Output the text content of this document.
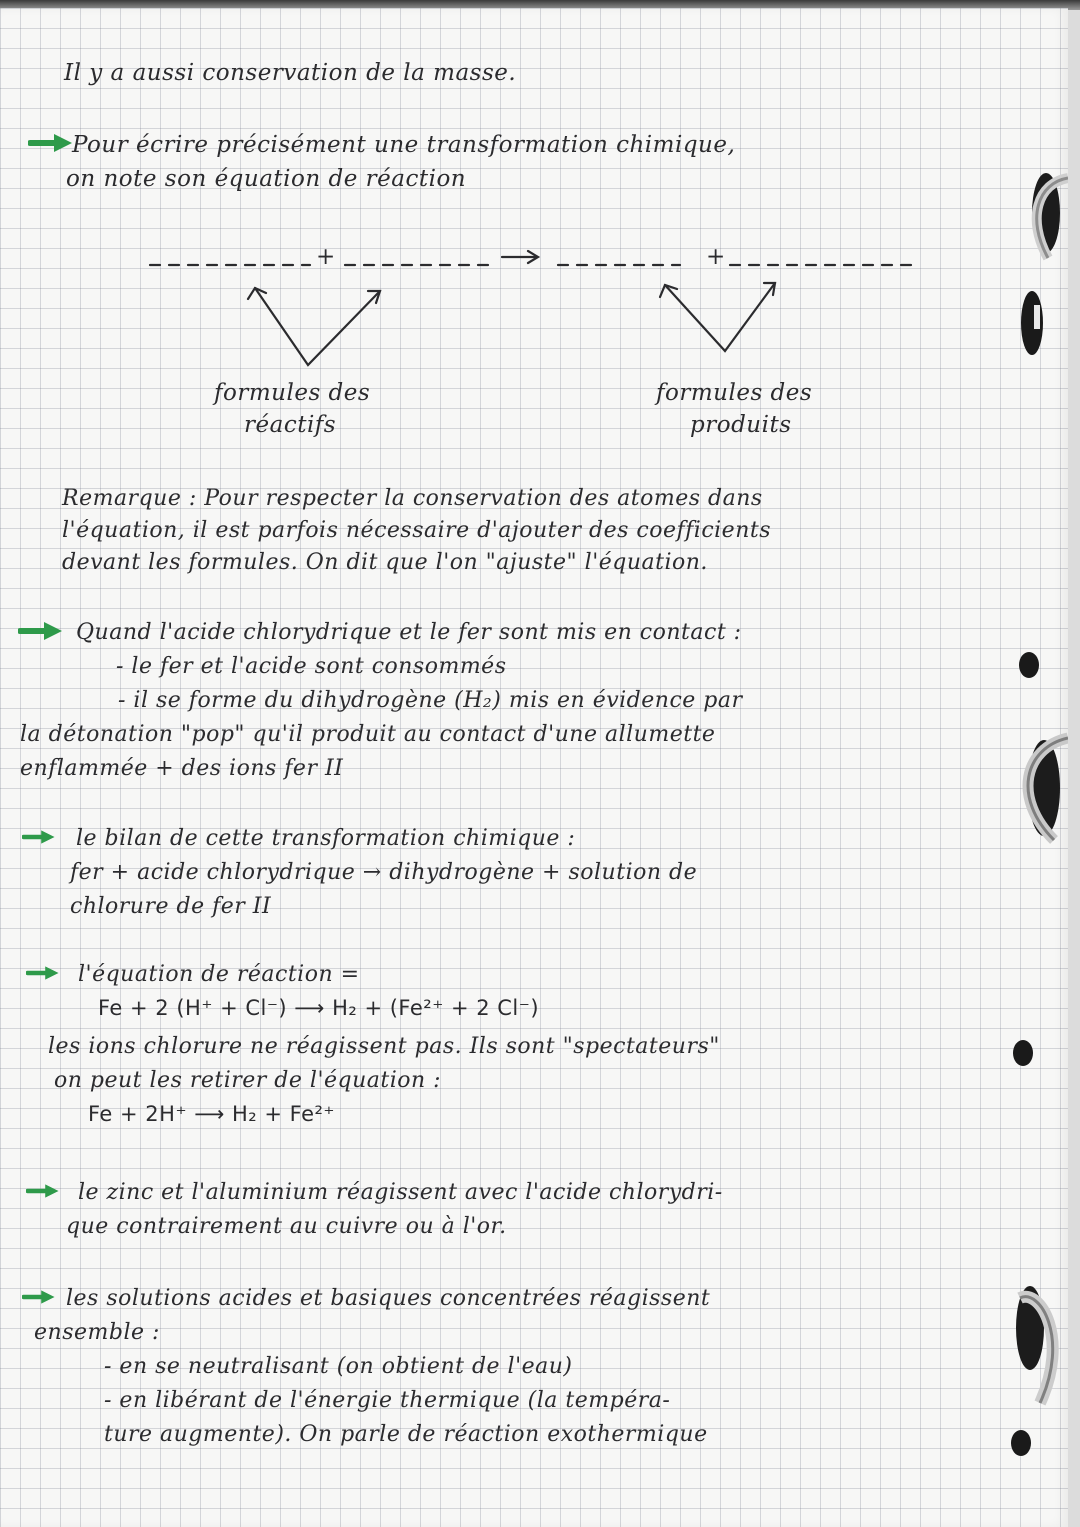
Il y a aussi conservation de la masse.

Pour écrire précisément une transformation chimique,

on note son équation de réaction

+	+

formules des

réactifs

formules des

produits

Remarque : Pour respecter la conservation des atomes dans

l'équation, il est parfois nécessaire d'ajouter des coefficients

devant les formules. On dit que l'on "ajuste" l'équation.

Quand l'acide chlorydrique et le fer sont mis en contact :

- le fer et l'acide sont consommés

- il se forme du dihydrogène (H₂) mis en évidence par

la détonation "pop" qu'il produit au contact d'une allumette

enflammée + des ions fer II

le bilan de cette transformation chimique :

fer + acide chlorydrique → dihydrogène + solution de

chlorure de fer II

l'équation de réaction =

Fe + 2 (H⁺ + Cl⁻) ⟶ H₂ + (Fe²⁺ + 2 Cl⁻)

les ions chlorure ne réagissent pas. Ils sont "spectateurs"

on peut les retirer de l'équation :

Fe + 2H⁺ ⟶ H₂ + Fe²⁺

le zinc et l'aluminium réagissent avec l'acide chlorydri-

que contrairement au cuivre ou à l'or.

les solutions acides et basiques concentrées réagissent

ensemble :

- en se neutralisant (on obtient de l'eau)

- en libérant de l'énergie thermique (la tempéra-

ture augmente). On parle de réaction exothermique
